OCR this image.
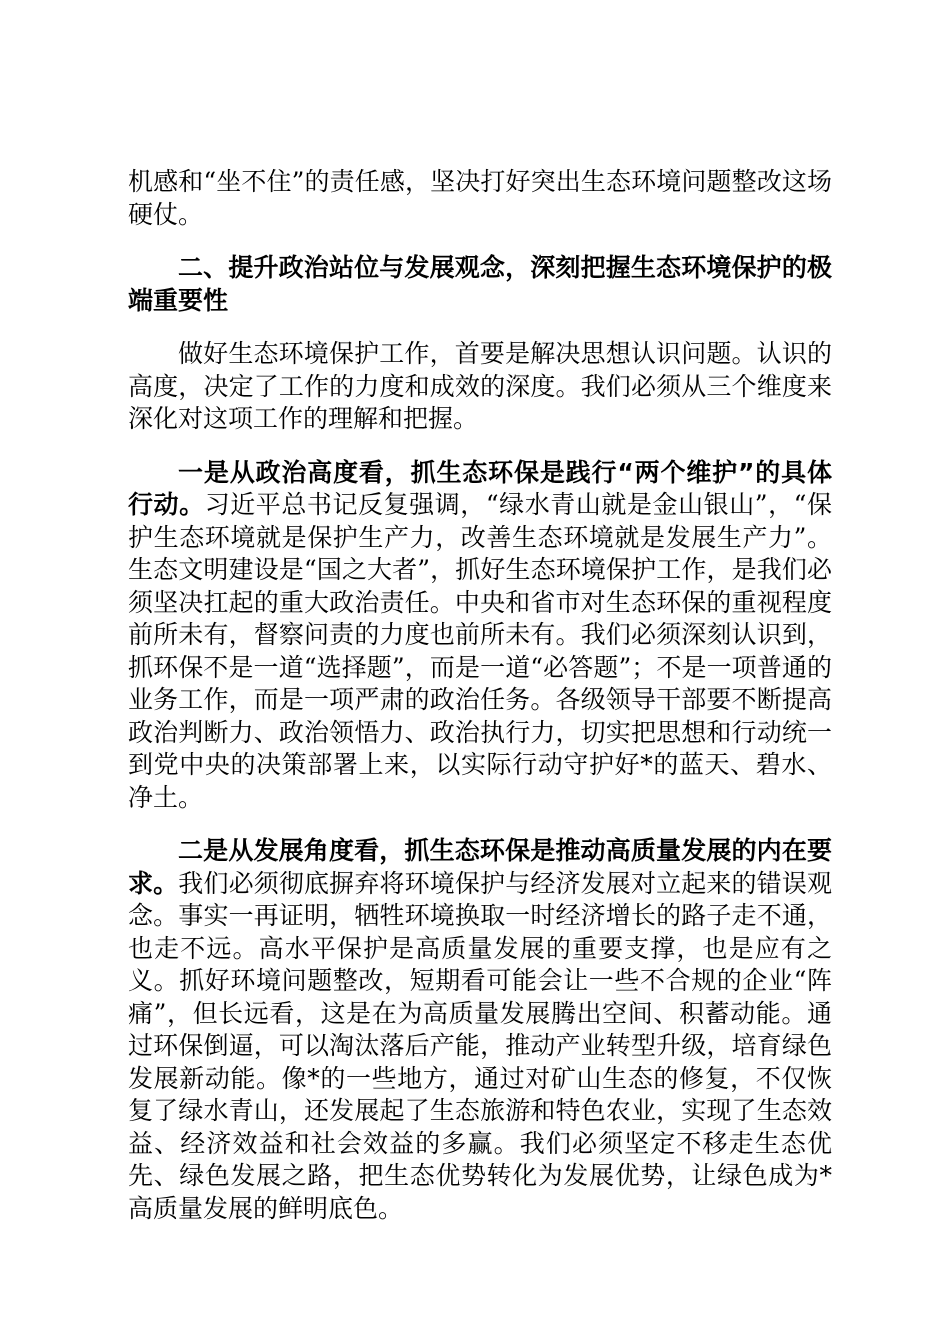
机感和“坐不住”的责任感，坚决打好突出生态环境问题整改这场硬仗。

二、提升政治站位与发展观念，深刻把握生态环境保护的极端重要性

做好生态环境保护工作，首要是解决思想认识问题。认识的高度，决定了工作的力度和成效的深度。我们必须从三个维度来深化对这项工作的理解和把握。

一是从政治高度看，抓生态环保是践行“两个维护”的具体行动。习近平总书记反复强调，“绿水青山就是金山银山”，“保护生态环境就是保护生产力，改善生态环境就是发展生产力”。生态文明建设是“国之大者”，抓好生态环境保护工作，是我们必须坚决扛起的重大政治责任。中央和省市对生态环保的重视程度前所未有，督察问责的力度也前所未有。我们必须深刻认识到，抓环保不是一道“选择题”，而是一道“必答题”；不是一项普通的业务工作，而是一项严肃的政治任务。各级领导干部要不断提高政治判断力、政治领悟力、政治执行力，切实把思想和行动统一到党中央的决策部署上来，以实际行动守护好*的蓝天、碧水、净土。

二是从发展角度看，抓生态环保是推动高质量发展的内在要求。我们必须彻底摒弃将环境保护与经济发展对立起来的错误观念。事实一再证明，牺牲环境换取一时经济增长的路子走不通，也走不远。高水平保护是高质量发展的重要支撑，也是应有之义。抓好环境问题整改，短期看可能会让一些不合规的企业“阵痛”，但长远看，这是在为高质量发展腾出空间、积蓄动能。通过环保倒逼，可以淘汰落后产能，推动产业转型升级，培育绿色发展新动能。像*的一些地方，通过对矿山生态的修复，不仅恢复了绿水青山，还发展起了生态旅游和特色农业，实现了生态效益、经济效益和社会效益的多赢。我们必须坚定不移走生态优先、绿色发展之路，把生态优势转化为发展优势，让绿色成为*高质量发展的鲜明底色。
